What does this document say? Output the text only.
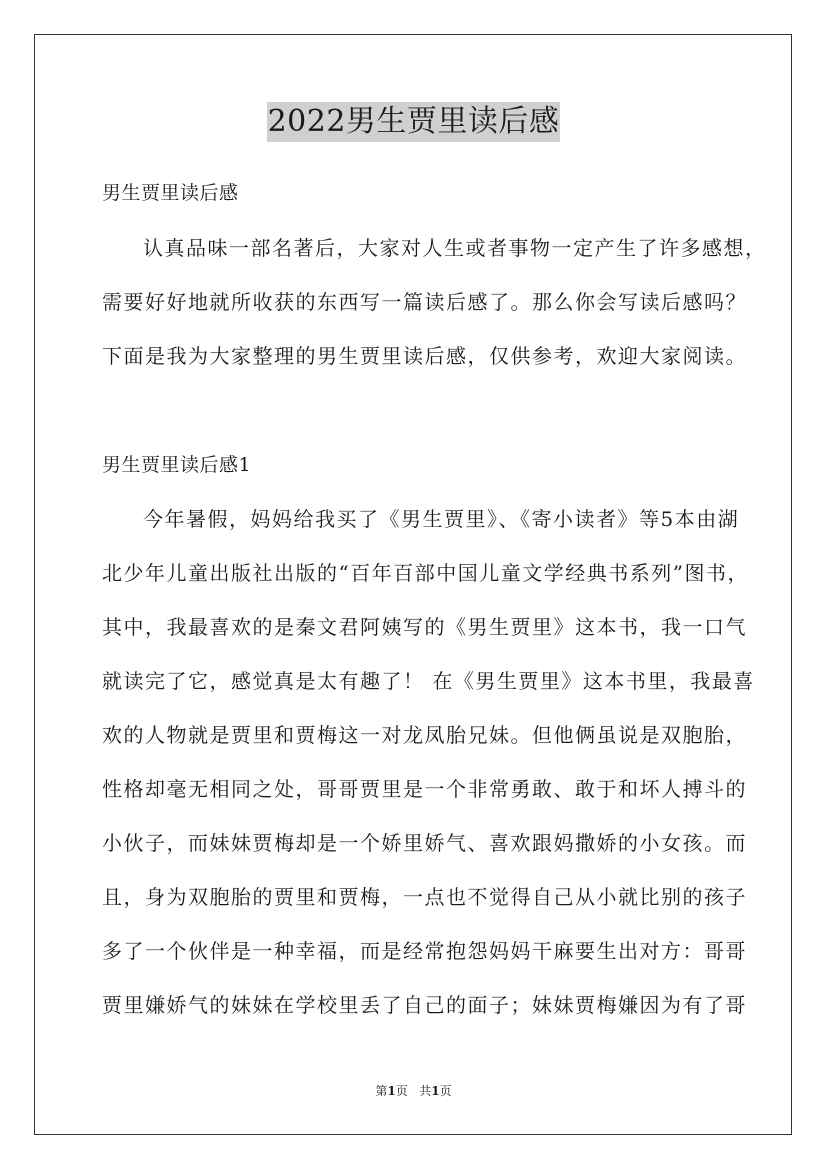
2022男生贾里读后感
男生贾里读后感
认真品味一部名著后，大家对人生或者事物一定产生了许多感想，
需要好好地就所收获的东西写一篇读后感了。那么你会写读后感吗？
下面是我为大家整理的男生贾里读后感，仅供参考，欢迎大家阅读。
男生贾里读后感1
今年暑假，妈妈给我买了《男生贾里》、《寄小读者》等5本由湖
北少年儿童出版社出版的“百年百部中国儿童文学经典书系列”图书，
其中，我最喜欢的是秦文君阿姨写的《男生贾里》这本书，我一口气
就读完了它，感觉真是太有趣了！ 在《男生贾里》这本书里，我最喜
欢的人物就是贾里和贾梅这一对龙凤胎兄妹。但他俩虽说是双胞胎，
性格却毫无相同之处，哥哥贾里是一个非常勇敢、敢于和坏人搏斗的
小伙子，而妹妹贾梅却是一个娇里娇气、喜欢跟妈撒娇的小女孩。而
且，身为双胞胎的贾里和贾梅，一点也不觉得自己从小就比别的孩子
多了一个伙伴是一种幸福，而是经常抱怨妈妈干麻要生出对方：哥哥
贾里嫌娇气的妹妹在学校里丢了自己的面子；妹妹贾梅嫌因为有了哥
第1页 共1页
